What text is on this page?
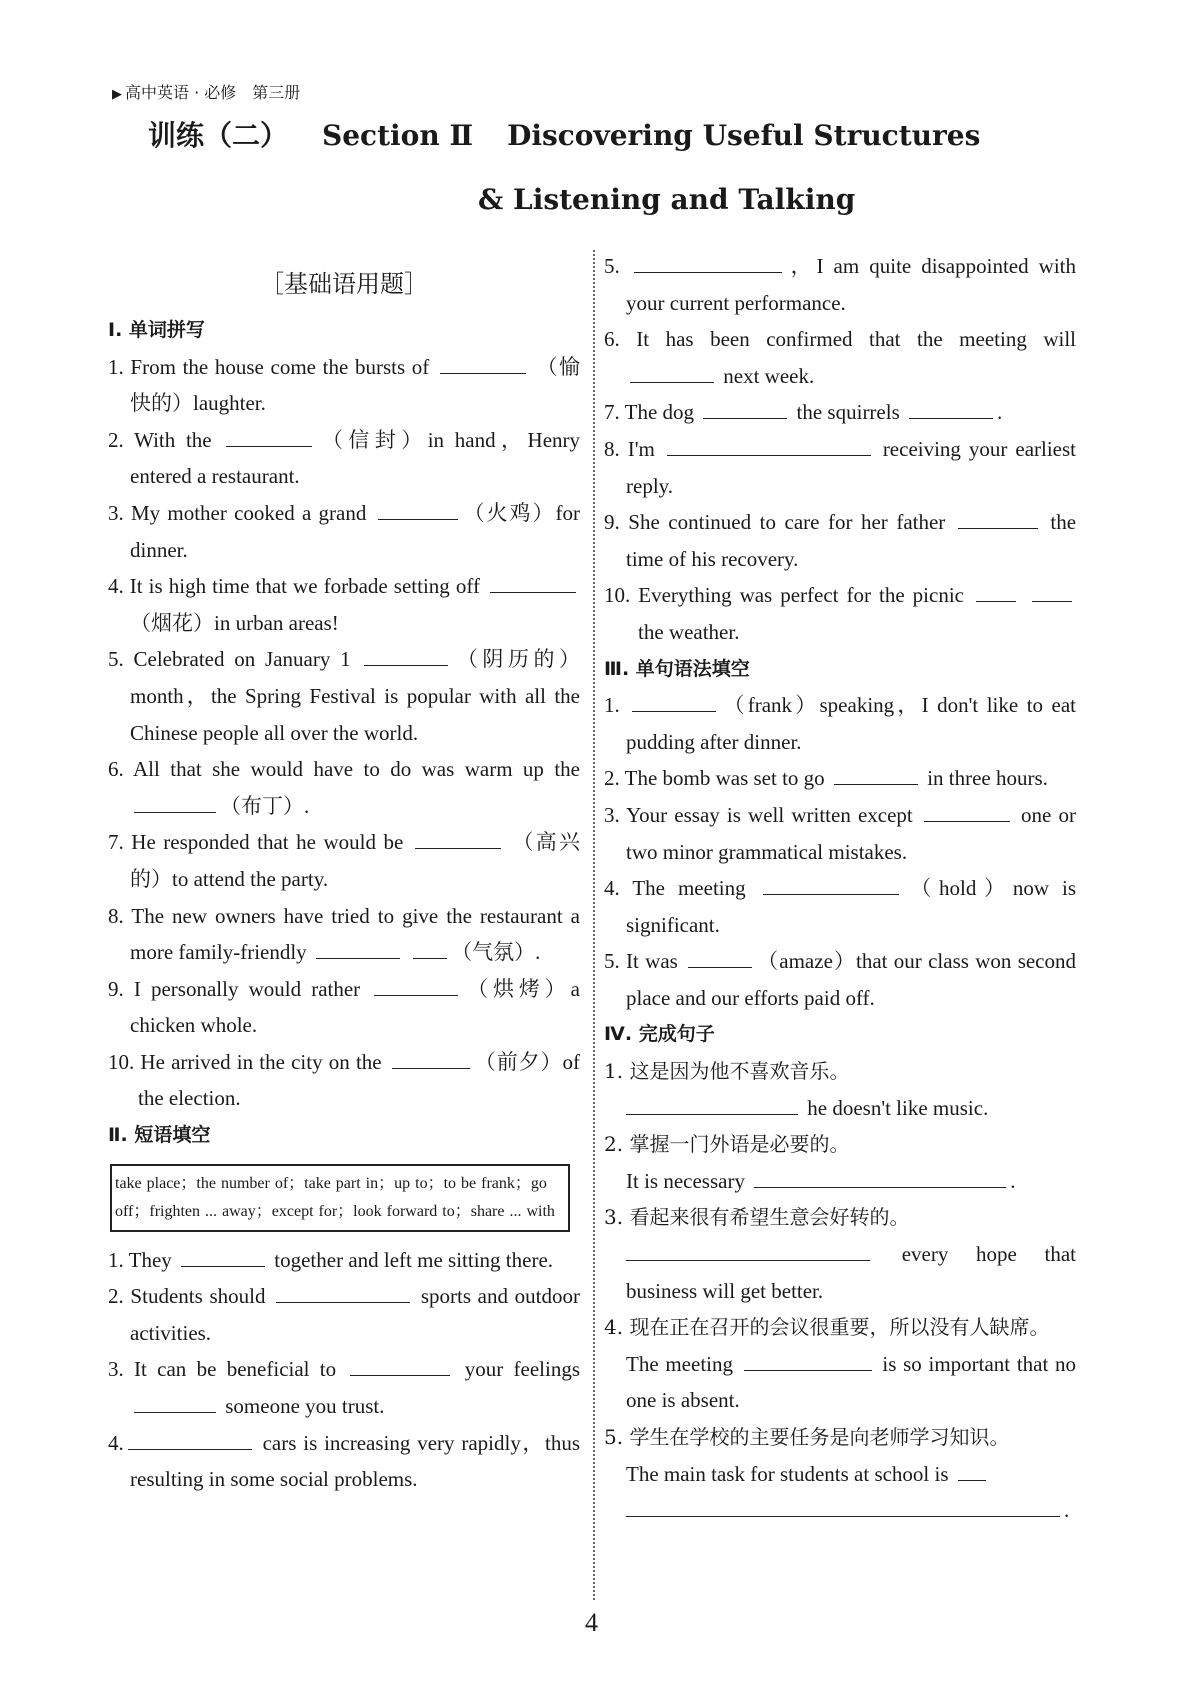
▶ 高中英语 · 必修　第三册
训练（二） Section Ⅱ Discovering Useful Structures
& Listening and Talking
［基础语用题］
Ⅰ. 单词拼写
1. From the house come the bursts of	（愉快的）laughter.
2. With the	（信封）in hand，Henry entered a restaurant.
3. My mother cooked a grand	（火鸡）for dinner.
4. It is high time that we forbade setting off （烟花）in urban areas!
5. Celebrated on January 1	（阴历的）month，the Spring Festival is popular with all the Chinese people all over the world.
6. All that she would have to do was warm up the （布丁）.
7. He responded that he would be	（高兴的）to attend the party.
8. The new owners have tried to give the restaurant a more family-friendly	（气氛）.
9. I personally would rather	（烘烤）a chicken whole.
10. He arrived in the city on the	（前夕）of the election.
Ⅱ. 短语填空
take place；the number of；take part in；up to；to be frank；go off；frighten ... away；except for；look forward to；share ... with
1. They	together and left me sitting there.
2. Students should	sports and outdoor activities.
3. It can be beneficial to	your feelings  someone you trust.
4.	cars is increasing very rapidly，thus resulting in some social problems.
5.	，I am quite disappointed with your current performance.
6. It has been confirmed that the meeting will  next week.
7. The dog	the squirrels	.
8. I'm	receiving your earliest reply.
9. She continued to care for her father	the time of his recovery.
10. Everything was perfect for the picnic   the weather.
Ⅲ. 单句语法填空
1.	（frank）speaking，I don't like to eat pudding after dinner.
2. The bomb was set to go	in three hours.
3. Your essay is well written except	one or two minor grammatical mistakes.
4. The meeting	（hold）now is significant.
5. It was	（amaze）that our class won second place and our efforts paid off.
Ⅳ. 完成句子
1. 这是因为他不喜欢音乐。
he doesn't like music.
2. 掌握一门外语是必要的。
It is necessary	.
3. 看起来很有希望生意会好转的。
every hope that business will get better.
4. 现在正在召开的会议很重要，所以没有人缺席。
The meeting	is so important that no one is absent.
5. 学生在学校的主要任务是向老师学习知识。
The main task for students at school is
.
4
